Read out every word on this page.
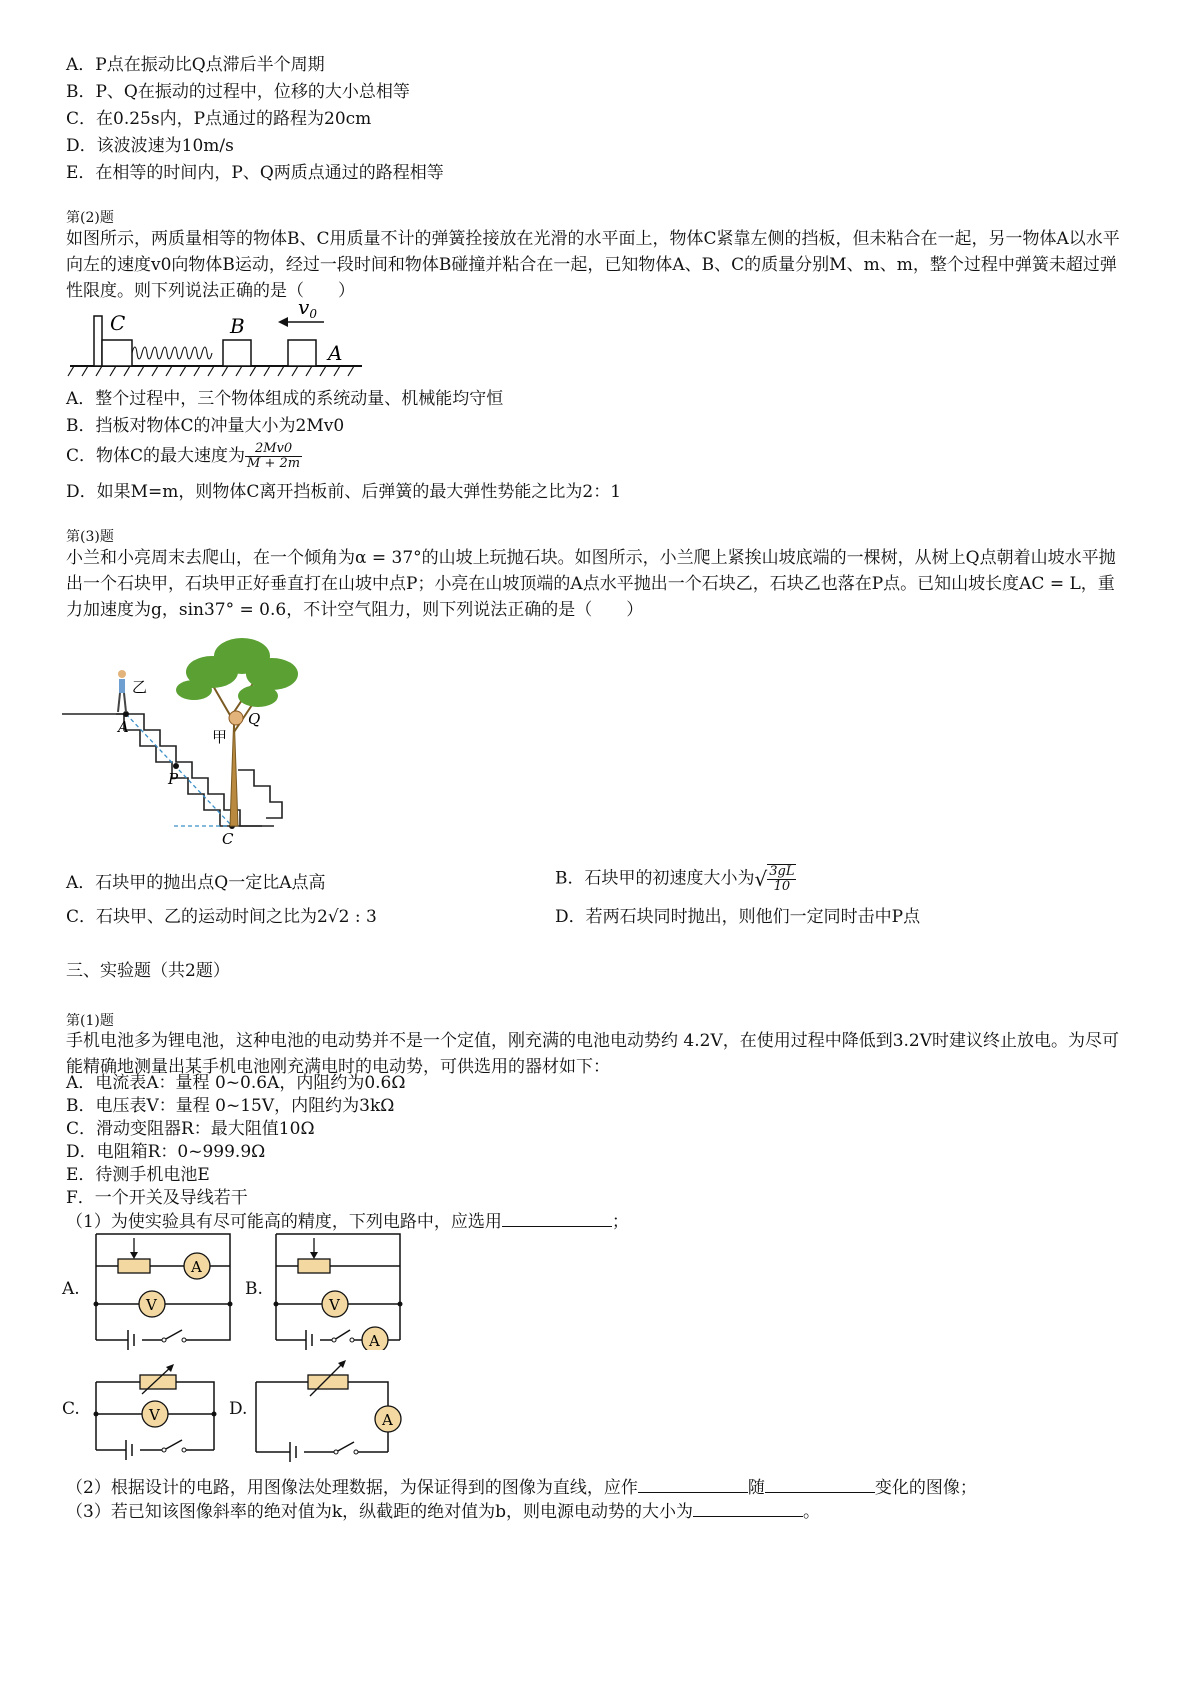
A．P点在振动比Q点滞后半个周期
B．P、Q在振动的过程中，位移的大小总相等
C．在0.25s内，P点通过的路程为20cm
D．该波波速为10m/s
E．在相等的时间内，P、Q两质点通过的路程相等
第(2)题
如图所示，两质量相等的物体B、C用质量不计的弹簧拴接放在光滑的水平面上，物体C紧靠左侧的挡板，但未粘合在一起，另一物体A以水平向左的速度v0向物体B运动，经过一段时间和物体B碰撞并粘合在一起，已知物体A、B、C的质量分别M、m、m，整个过程中弹簧未超过弹性限度。则下列说法正确的是（　　）
C	B
A
$v_0$
A．整个过程中，三个物体组成的系统动量、机械能均守恒
B．挡板对物体C的冲量大小为2Mv0
C．物体C的最大速度为 $\frac{2Mv0}{M + 2m}$
D．如果M=m，则物体C离开挡板前、后弹簧的最大弹性势能之比为2：1
第(3)题
小兰和小亮周末去爬山，在一个倾角为α = 37°的山坡上玩抛石块。如图所示，小兰爬上紧挨山坡底端的一棵树，从树上Q点朝着山坡水平抛出一个石块甲，石块甲正好垂直打在山坡中点P；小亮在山坡顶端的A点水平抛出一个石块乙，石块乙也落在P点。已知山坡长度AC = L，重力加速度为g，sin37° = 0.6，不计空气阻力，则下列说法正确的是（　　）
乙
甲
A
P
C
Q
A．石块甲的抛出点Q一定比A点高	B．石块甲的初速度大小为√ $\frac{3gL}{10}$
C．石块甲、乙的运动时间之比为2√2 : 3	D．若两石块同时抛出，则他们一定同时击中P点
三、实验题（共2题）
第(1)题
手机电池多为锂电池，这种电池的电动势并不是一个定值，刚充满的电池电动势约 4.2V，在使用过程中降低到3.2V时建议终止放电。为尽可能精确地测量出某手机电池刚充满电时的电动势，可供选用的器材如下：
A．电流表A：量程 0~0.6A，内阻约为0.6Ω
B．电压表V：量程 0~15V，内阻约为3kΩ
C．滑动变阻器R：最大阻值10Ω
D．电阻箱R：0~999.9Ω
E．待测手机电池E
F．一个开关及导线若干
（1）为使实验具有尽可能高的精度，下列电路中，应选用	；
A.	B.
C.	D.
A
V	V
A
V	A
（2）根据设计的电路，用图像法处理数据，为保证得到的图像为直线，应作	随	变化的图像；
（3）若已知该图像斜率的绝对值为k，纵截距的绝对值为b，则电源电动势的大小为	。
